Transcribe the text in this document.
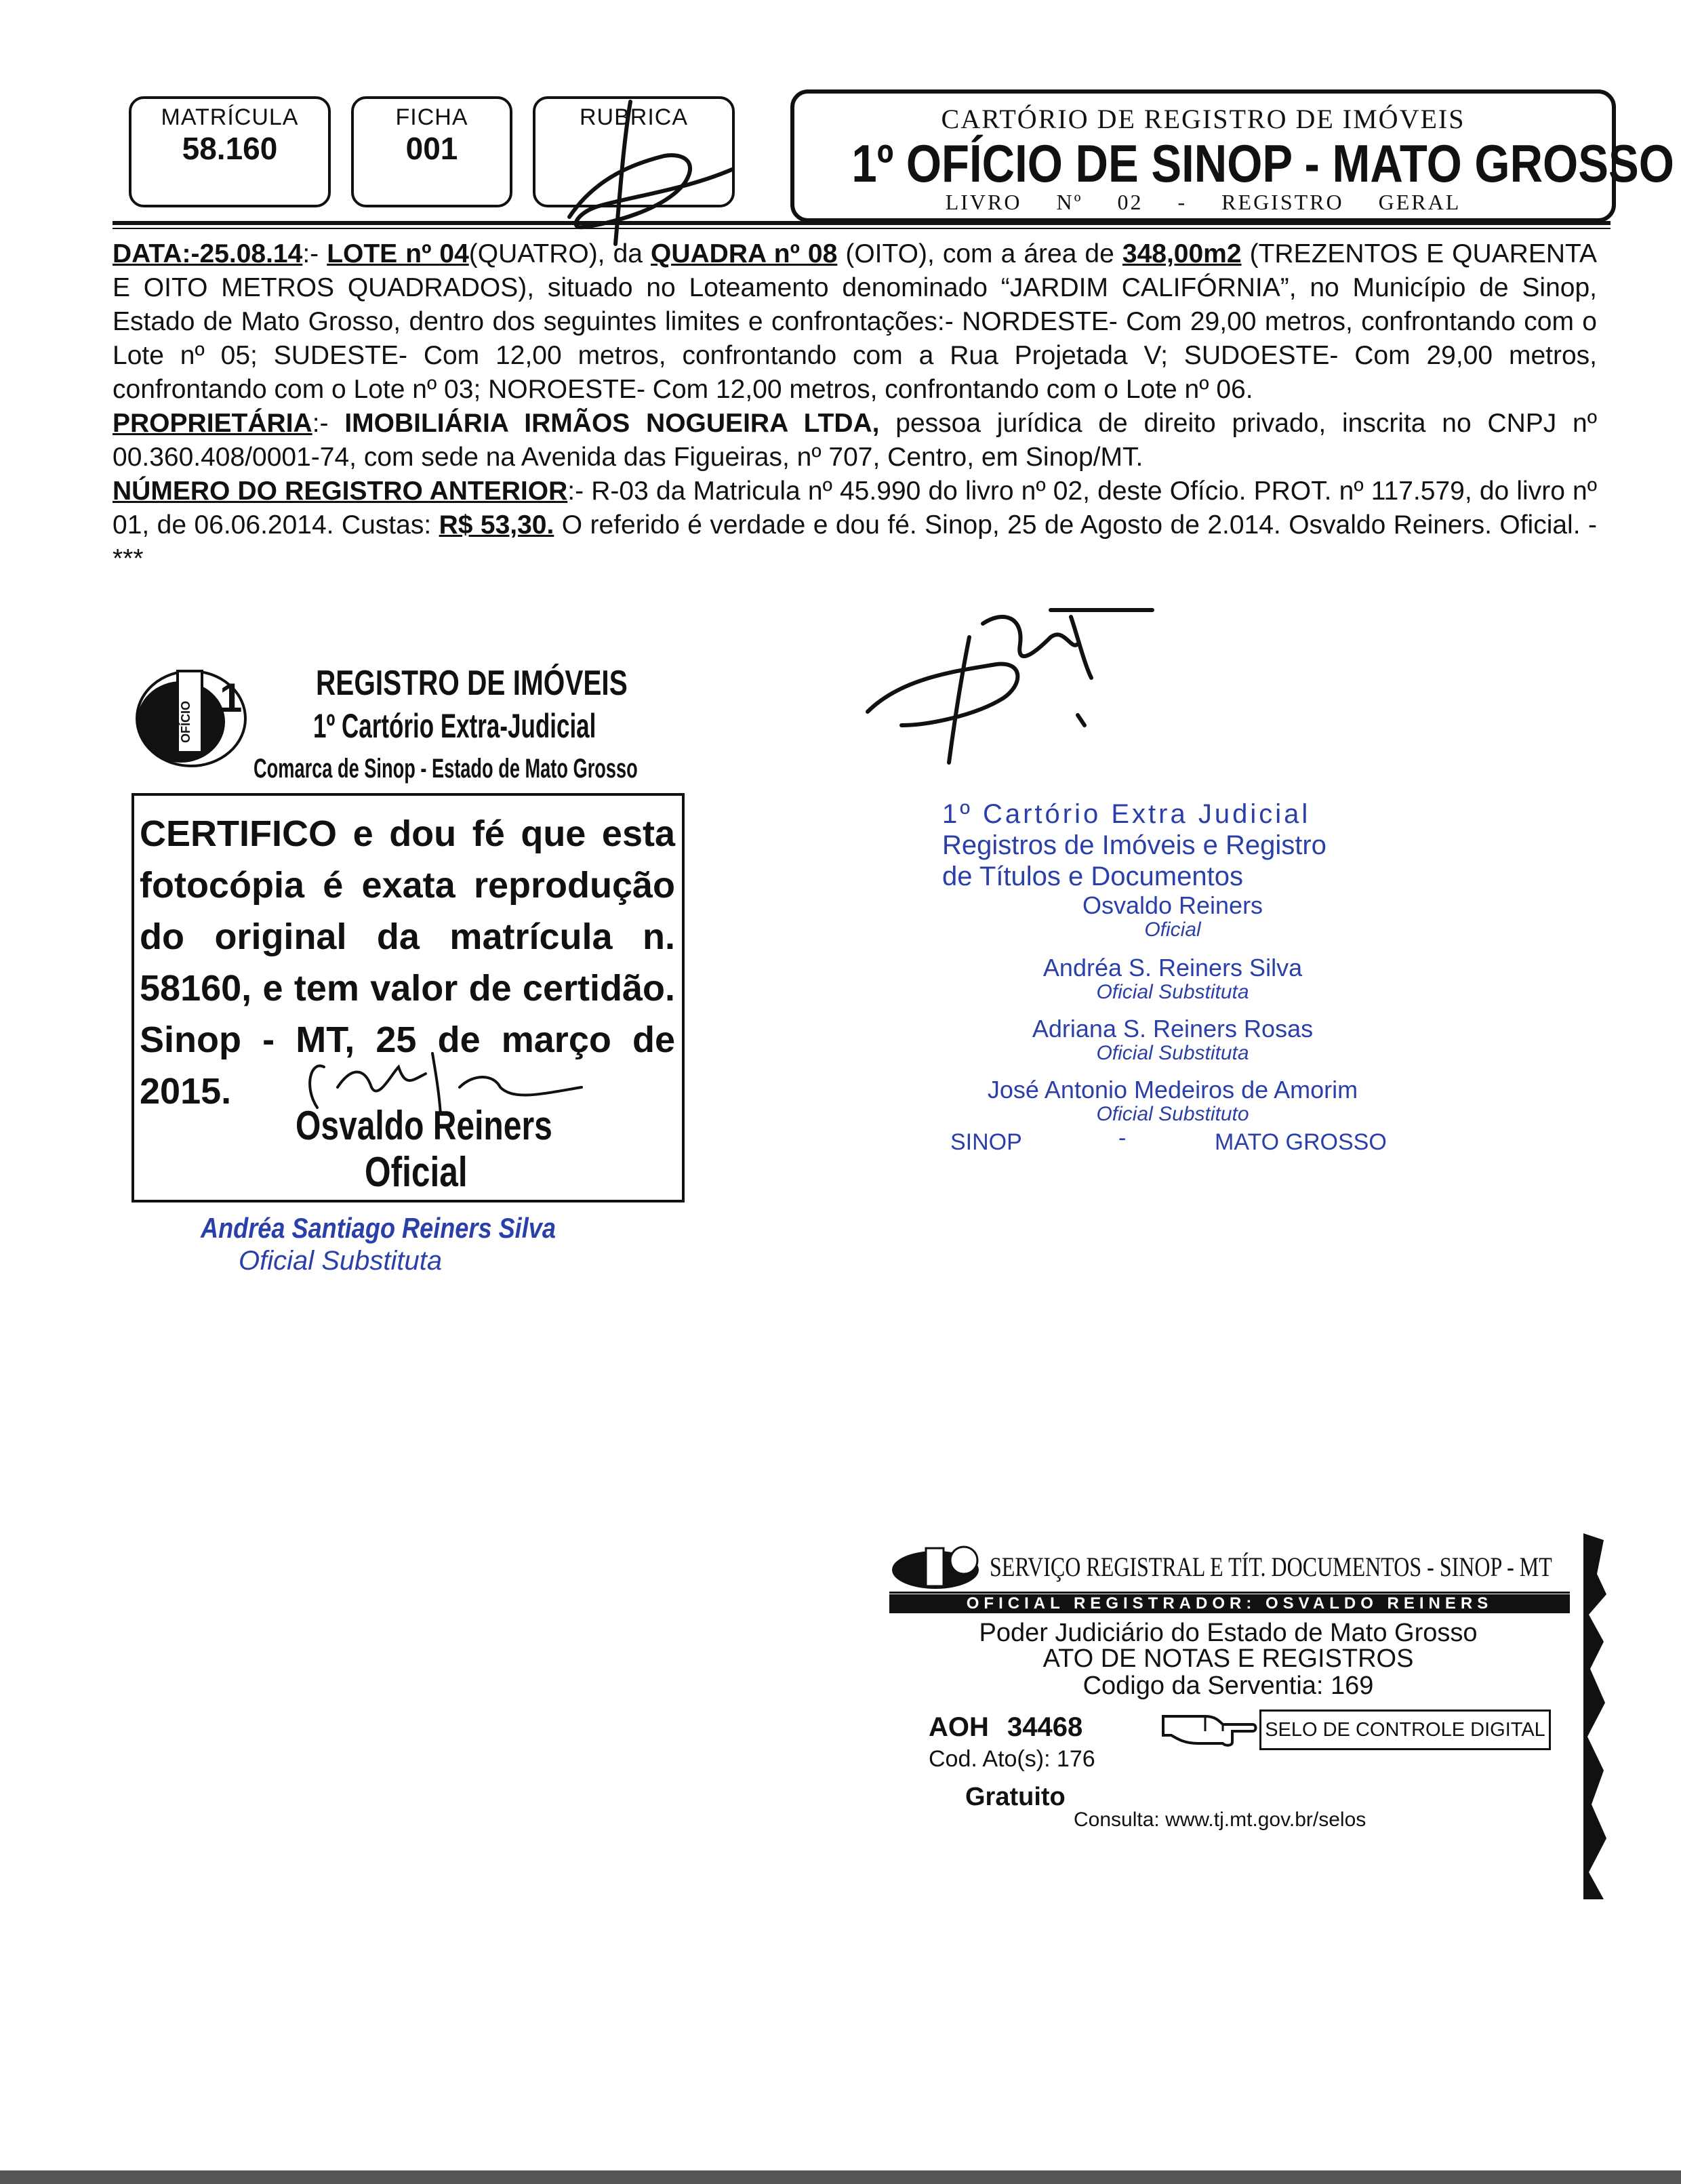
MATRÍCULA
58.160
FICHA
001
RUBRICA	CARTÓRIO DE REGISTRO DE IMÓVEIS
1º OFÍCIO DE SINOP - MATO GROSSO
LIVRO Nº 02 - REGISTRO GERAL

DATA:-25.08.14:- LOTE nº 04(QUATRO), da QUADRA nº 08 (OITO), com a área de 348,00m2 (TREZENTOS E QUARENTA E OITO METROS QUADRADOS), situado no Loteamento denominado “JARDIM CALIFÓRNIA”, no Município de Sinop, Estado de Mato Grosso, dentro dos seguintes limites e confrontações:- NORDESTE- Com 29,00 metros, confrontando com o Lote nº 05; SUDESTE- Com 12,00 metros, confrontando com a Rua Projetada V; SUDOESTE- Com 29,00 metros, confrontando com o Lote nº 03; NOROESTE- Com 12,00 metros, confrontando com o Lote nº 06.

PROPRIETÁRIA:- IMOBILIÁRIA IRMÃOS NOGUEIRA LTDA, pessoa jurídica de direito privado, inscrita no CNPJ nº 00.360.408/0001-74, com sede na Avenida das Figueiras, nº 707, Centro, em Sinop/MT.

NÚMERO DO REGISTRO ANTERIOR:- R-03 da Matricula nº 45.990 do livro nº 02, deste Ofício. PROT. nº 117.579, do livro nº 01, de 06.06.2014. Custas: R$ 53,30. O referido é verdade e dou fé. Sinop, 25 de Agosto de 2.014. Osvaldo Reiners. Oficial. -***

OFÍCIO
1 REGISTRO DE IMÓVEIS
1º Cartório Extra-Judicial
Comarca de Sinop - Estado de Mato Grosso
CERTIFICO e dou fé que esta fotocópia é exata reprodução do original da matrícula n. 58160, e tem valor de certidão. Sinop - MT, 25 de março de 2015.
Osvaldo Reiners
Oficial
Andréa Santiago Reiners Silva
Oficial Substituta
1º Cartório Extra Judicial
Registros de Imóveis e Registro
de Títulos e Documentos
Osvaldo Reiners
Oficial
Andréa S. Reiners Silva
Oficial Substituta
Adriana S. Reiners Rosas
Oficial Substituta
José Antonio Medeiros de Amorim
Oficial Substituto
SINOP	-	MATO GROSSO
SERVIÇO REGISTRAL E TÍT. DOCUMENTOS - SINOP - MT
OFICIAL REGISTRADOR: OSVALDO REINERS
Poder Judiciário do Estado de Mato Grosso
ATO DE NOTAS E REGISTROS
Codigo da Serventia: 169
AOH 34468	SELO DE CONTROLE DIGITAL
Cod. Ato(s): 176
Gratuito
Consulta: www.tj.mt.gov.br/selos
